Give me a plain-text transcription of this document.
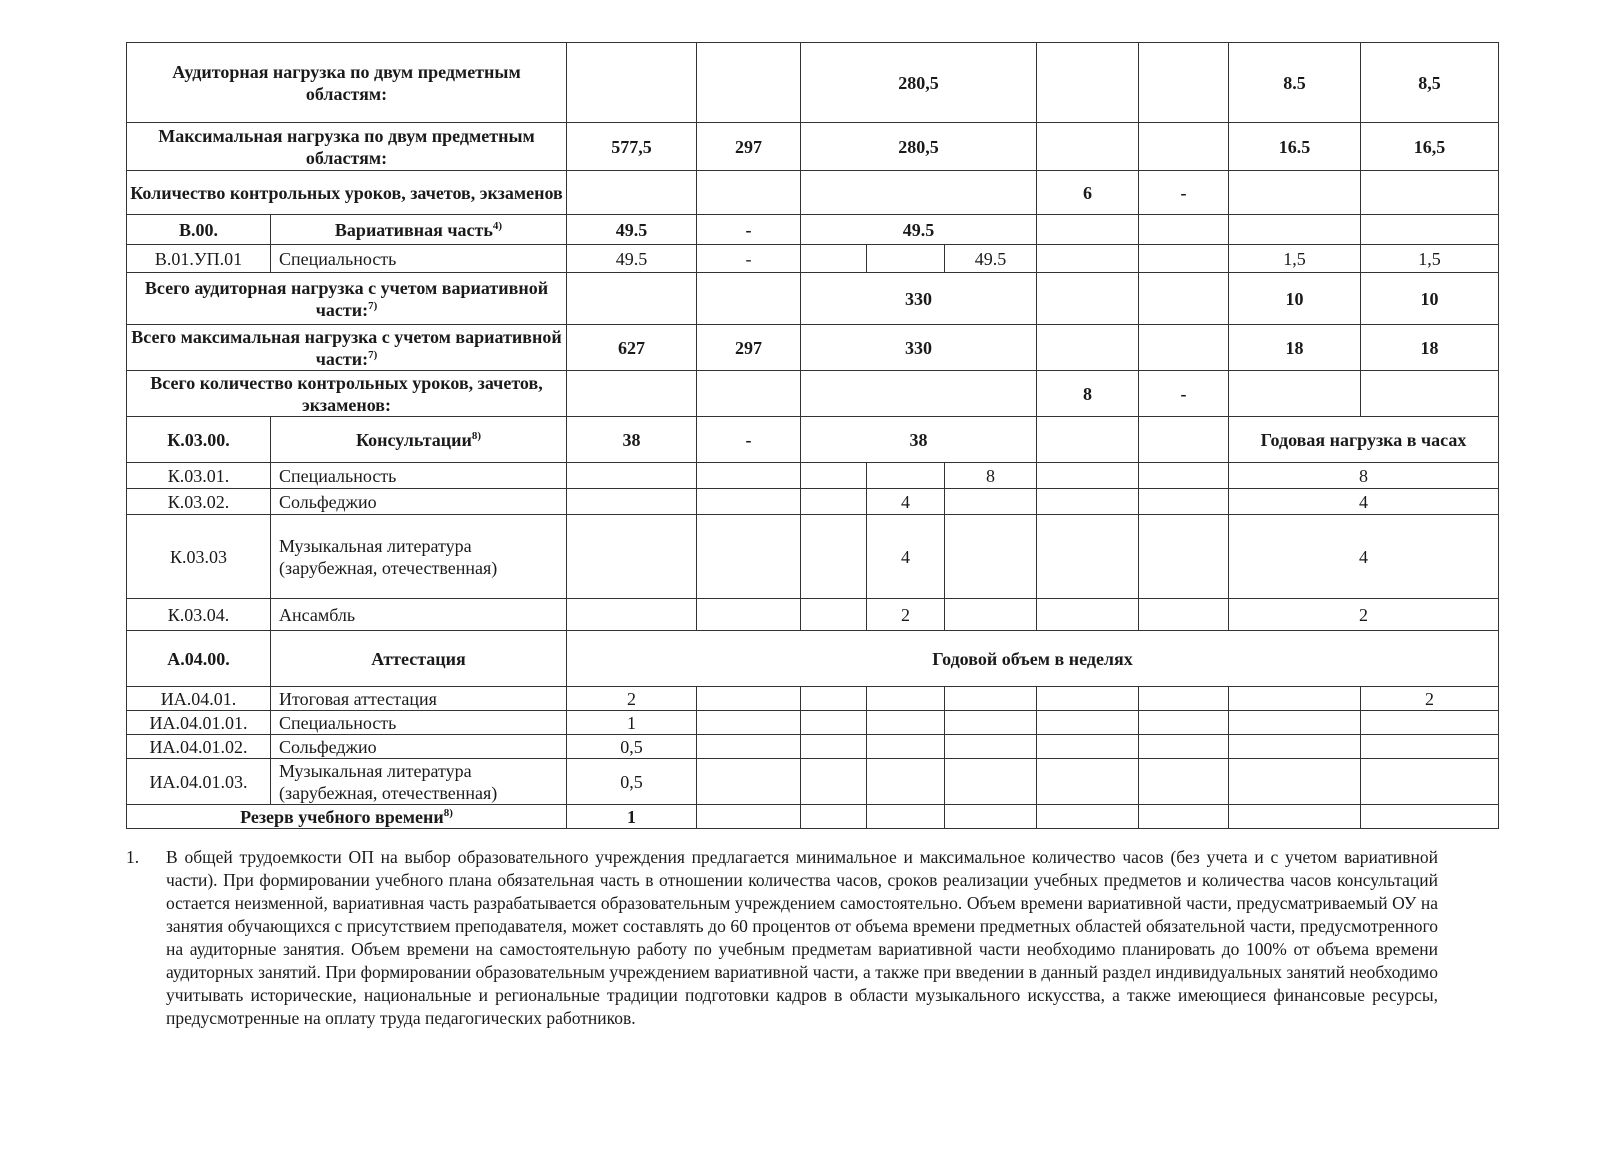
Аудиторная нагрузка по двум предметным областям:				280,5					8.5	8,5
Максимальная нагрузка по двум предметным областям:		577,5	297	280,5					16.5	16,5
Количество контрольных уроков, зачетов, экзаменов							6	-		
В.00.	Вариативная часть$^{4)}$	49.5	-	49.5						
В.01.УП.01	Специальность	49.5	-			49.5			1,5	1,5
Всего аудиторная нагрузка с учетом вариативной части:$^{7)}$				330					10	10
Всего максимальная нагрузка с учетом вариативной части:$^{7)}$		627	297	330					18	18
Всего количество контрольных уроков, зачетов, экзаменов:							8	-		
К.03.00.	Консультации$^{8)}$	38	-	38					Годовая нагрузка в часах	
К.03.01.	Специальность					8			8	
К.03.02.	Сольфеджио				4				4	
К.03.03	Музыкальная литература (зарубежная, отечественная)				4				4	
К.03.04.	Ансамбль				2				2	
А.04.00.	Аттестация	Годовой объем в неделях								
ИА.04.01.	Итоговая аттестация	2								2
ИА.04.01.01.	Специальность	1								
ИА.04.01.02.	Сольфеджио	0,5								
ИА.04.01.03.	Музыкальная литература (зарубежная, отечественная)	0,5								
Резерв учебного времени$^{8)}$		1								
1. В общей трудоемкости ОП на выбор образовательного учреждения предлагается минимальное и максимальное количество часов (без учета и с учетом вариативной части). При формировании учебного плана обязательная часть в отношении количества часов, сроков реализации учебных предметов и количества часов консультаций остается неизменной, вариативная часть разрабатывается образовательным учреждением самостоятельно. Объем времени вариативной части, предусматриваемый ОУ на занятия обучающихся с присутствием преподавателя, может составлять до 60 процентов от объема времени предметных областей обязательной части, предусмотренного на аудиторные занятия. Объем времени на самостоятельную работу по учебным предметам вариативной части необходимо планировать до 100% от объема времени аудиторных занятий. При формировании образовательным учреждением вариативной части, а также при введении в данный раздел индивидуальных занятий необходимо учитывать исторические, национальные и региональные традиции подготовки кадров в области музыкального искусства, а также имеющиеся финансовые ресурсы, предусмотренные на оплату труда педагогических работников.
